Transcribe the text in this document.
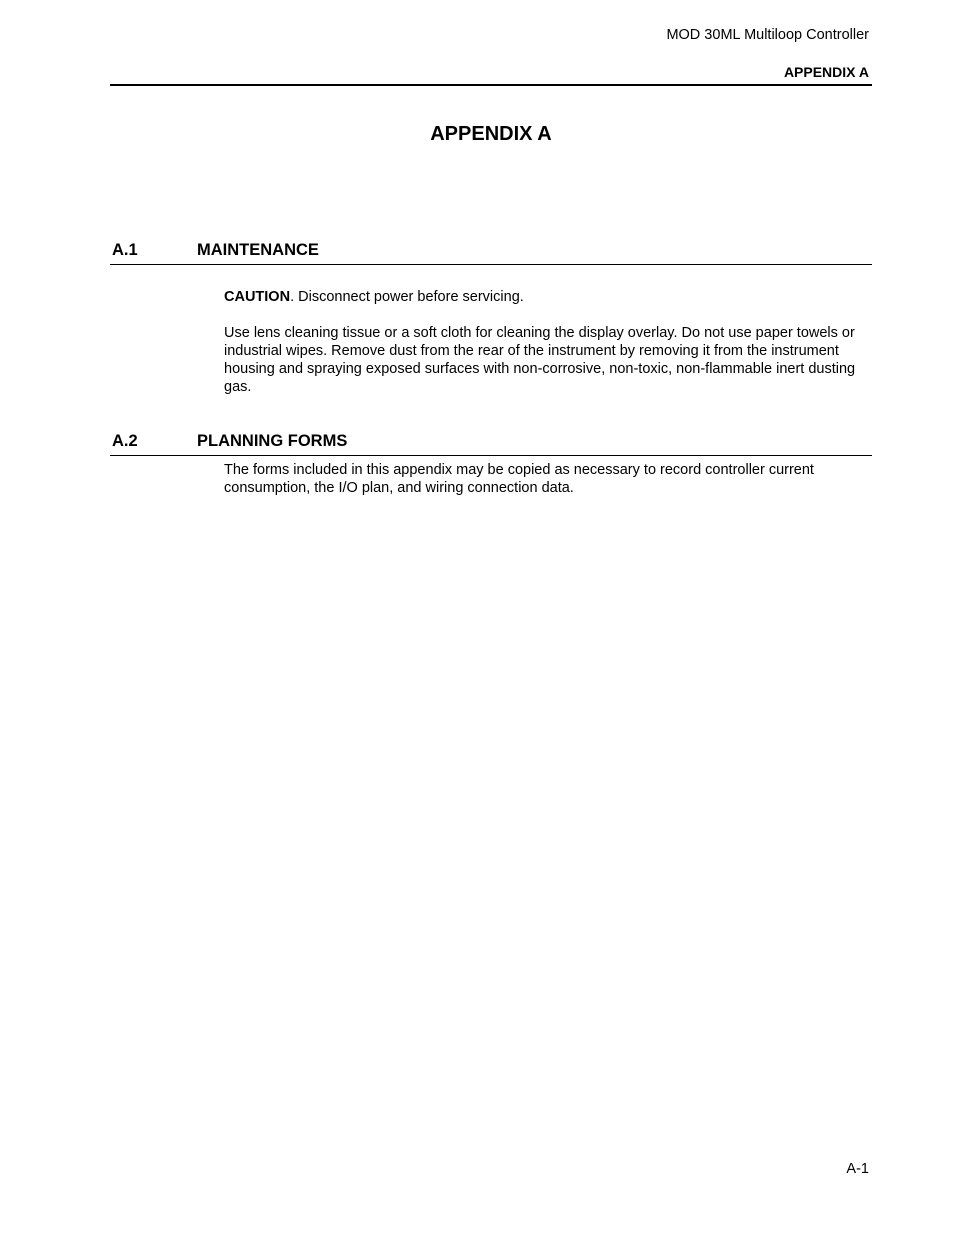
MOD 30ML Multiloop Controller
APPENDIX A
APPENDIX A
A.1	MAINTENANCE
CAUTION. Disconnect power before servicing.
Use lens cleaning tissue or a soft cloth for cleaning the display overlay. Do not use paper towels or industrial wipes. Remove dust from the rear of the instrument by removing it from the instrument housing and spraying exposed surfaces with non-corrosive, non-toxic, non-flammable inert dusting gas.
A.2	PLANNING FORMS
The forms included in this appendix may be copied as necessary to record controller current consumption, the I/O plan, and wiring connection data.
A-1
